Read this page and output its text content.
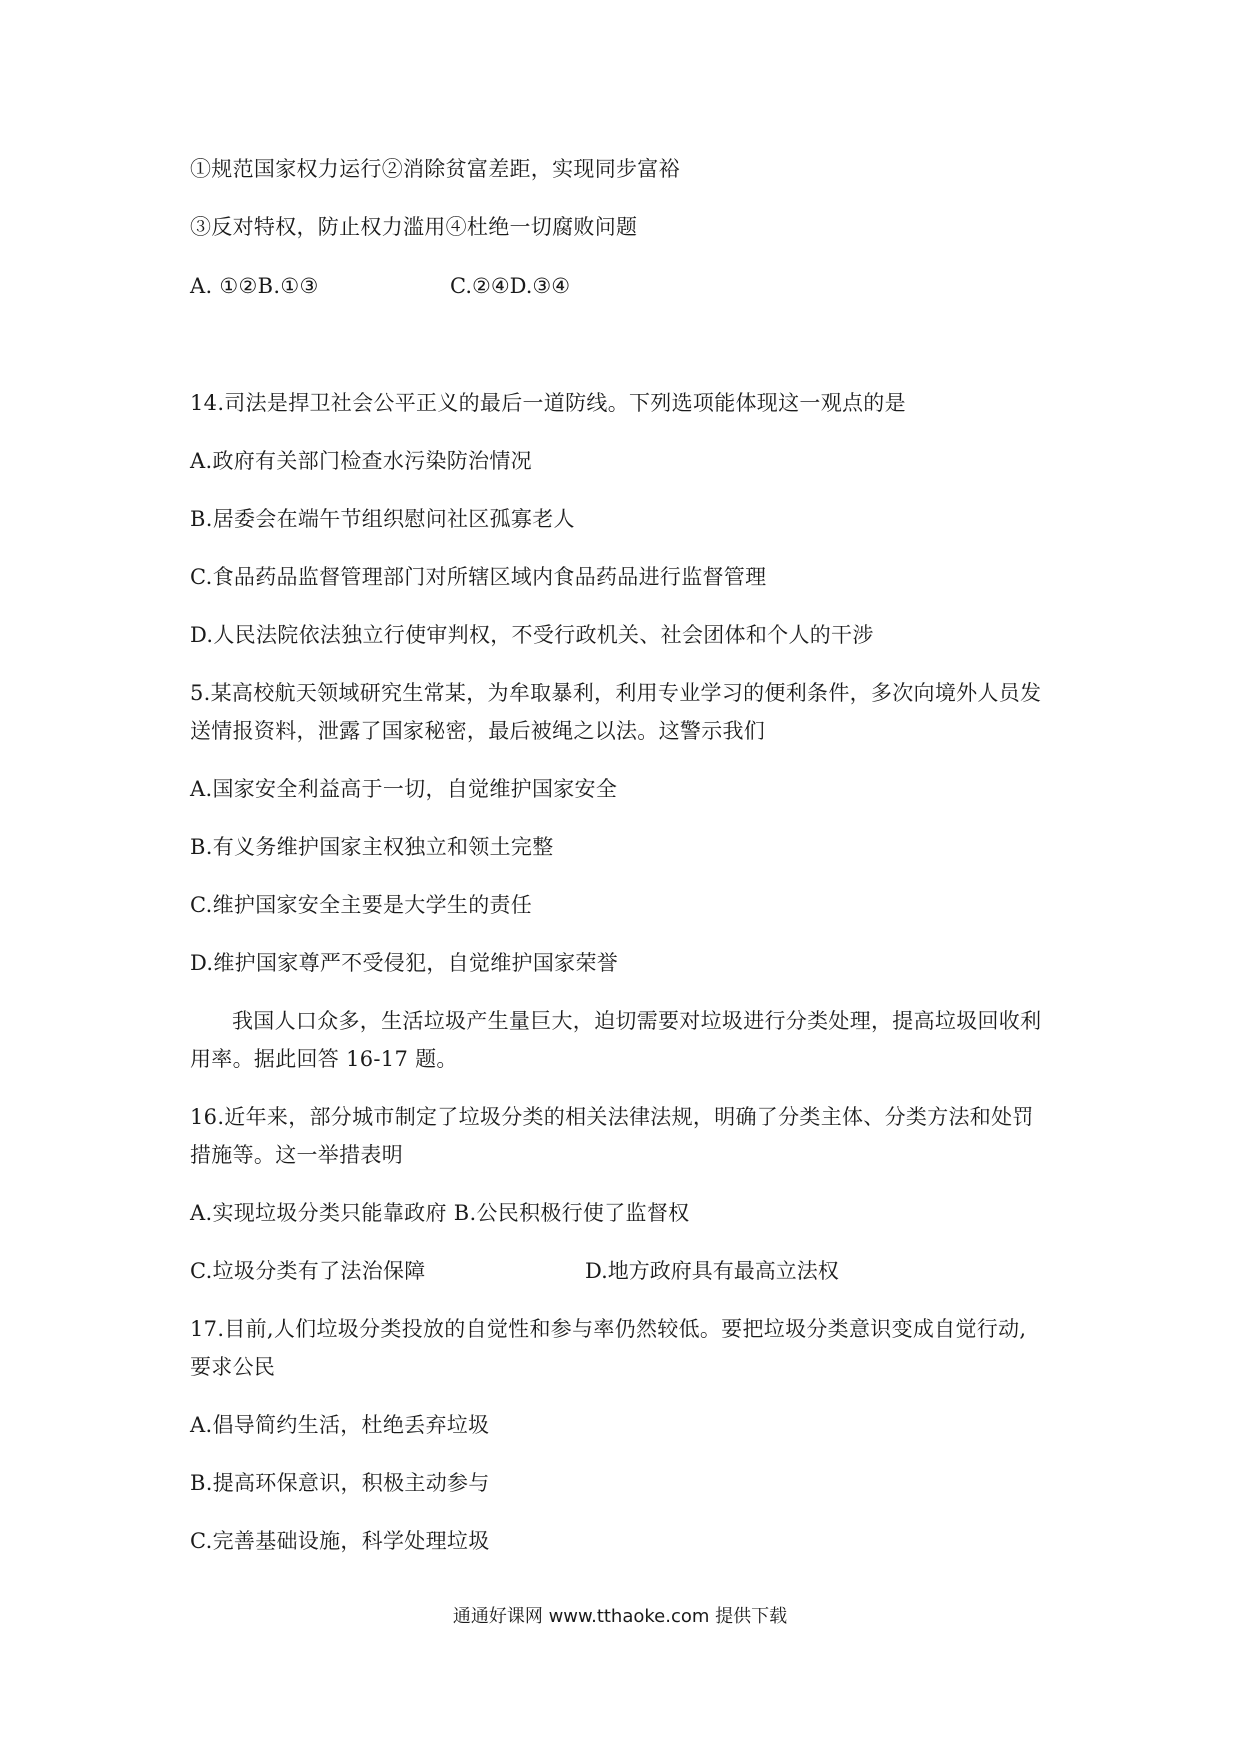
①规范国家权力运行②消除贫富差距，实现同步富裕
③反对特权，防止权力滥用④杜绝一切腐败问题
A. ①②B.①③	C.②④D.③④
14.司法是捍卫社会公平正义的最后一道防线。下列选项能体现这一观点的是
A.政府有关部门检查水污染防治情况
B.居委会在端午节组织慰问社区孤寡老人
C.食品药品监督管理部门对所辖区域内食品药品进行监督管理
D.人民法院依法独立行使审判权，不受行政机关、社会团体和个人的干涉
5.某高校航天领域研究生常某，为牟取暴利，利用专业学习的便利条件，多次向境外人员发
送情报资料，泄露了国家秘密，最后被绳之以法。这警示我们
A.国家安全利益高于一切，自觉维护国家安全
B.有义务维护国家主权独立和领土完整
C.维护国家安全主要是大学生的责任
D.维护国家尊严不受侵犯，自觉维护国家荣誉
我国人口众多，生活垃圾产生量巨大，迫切需要对垃圾进行分类处理，提高垃圾回收利
用率。据此回答 16-17 题。
16.近年来，部分城市制定了垃圾分类的相关法律法规，明确了分类主体、分类方法和处罚
措施等。这一举措表明
A.实现垃圾分类只能靠政府 B.公民积极行使了监督权
C.垃圾分类有了法治保障	D.地方政府具有最高立法权
17.目前,人们垃圾分类投放的自觉性和参与率仍然较低。要把垃圾分类意识变成自觉行动,
要求公民
A.倡导简约生活，杜绝丢弃垃圾
B.提高环保意识，积极主动参与
C.完善基础设施，科学处理垃圾
通通好课网 www.tthaoke.com 提供下载
